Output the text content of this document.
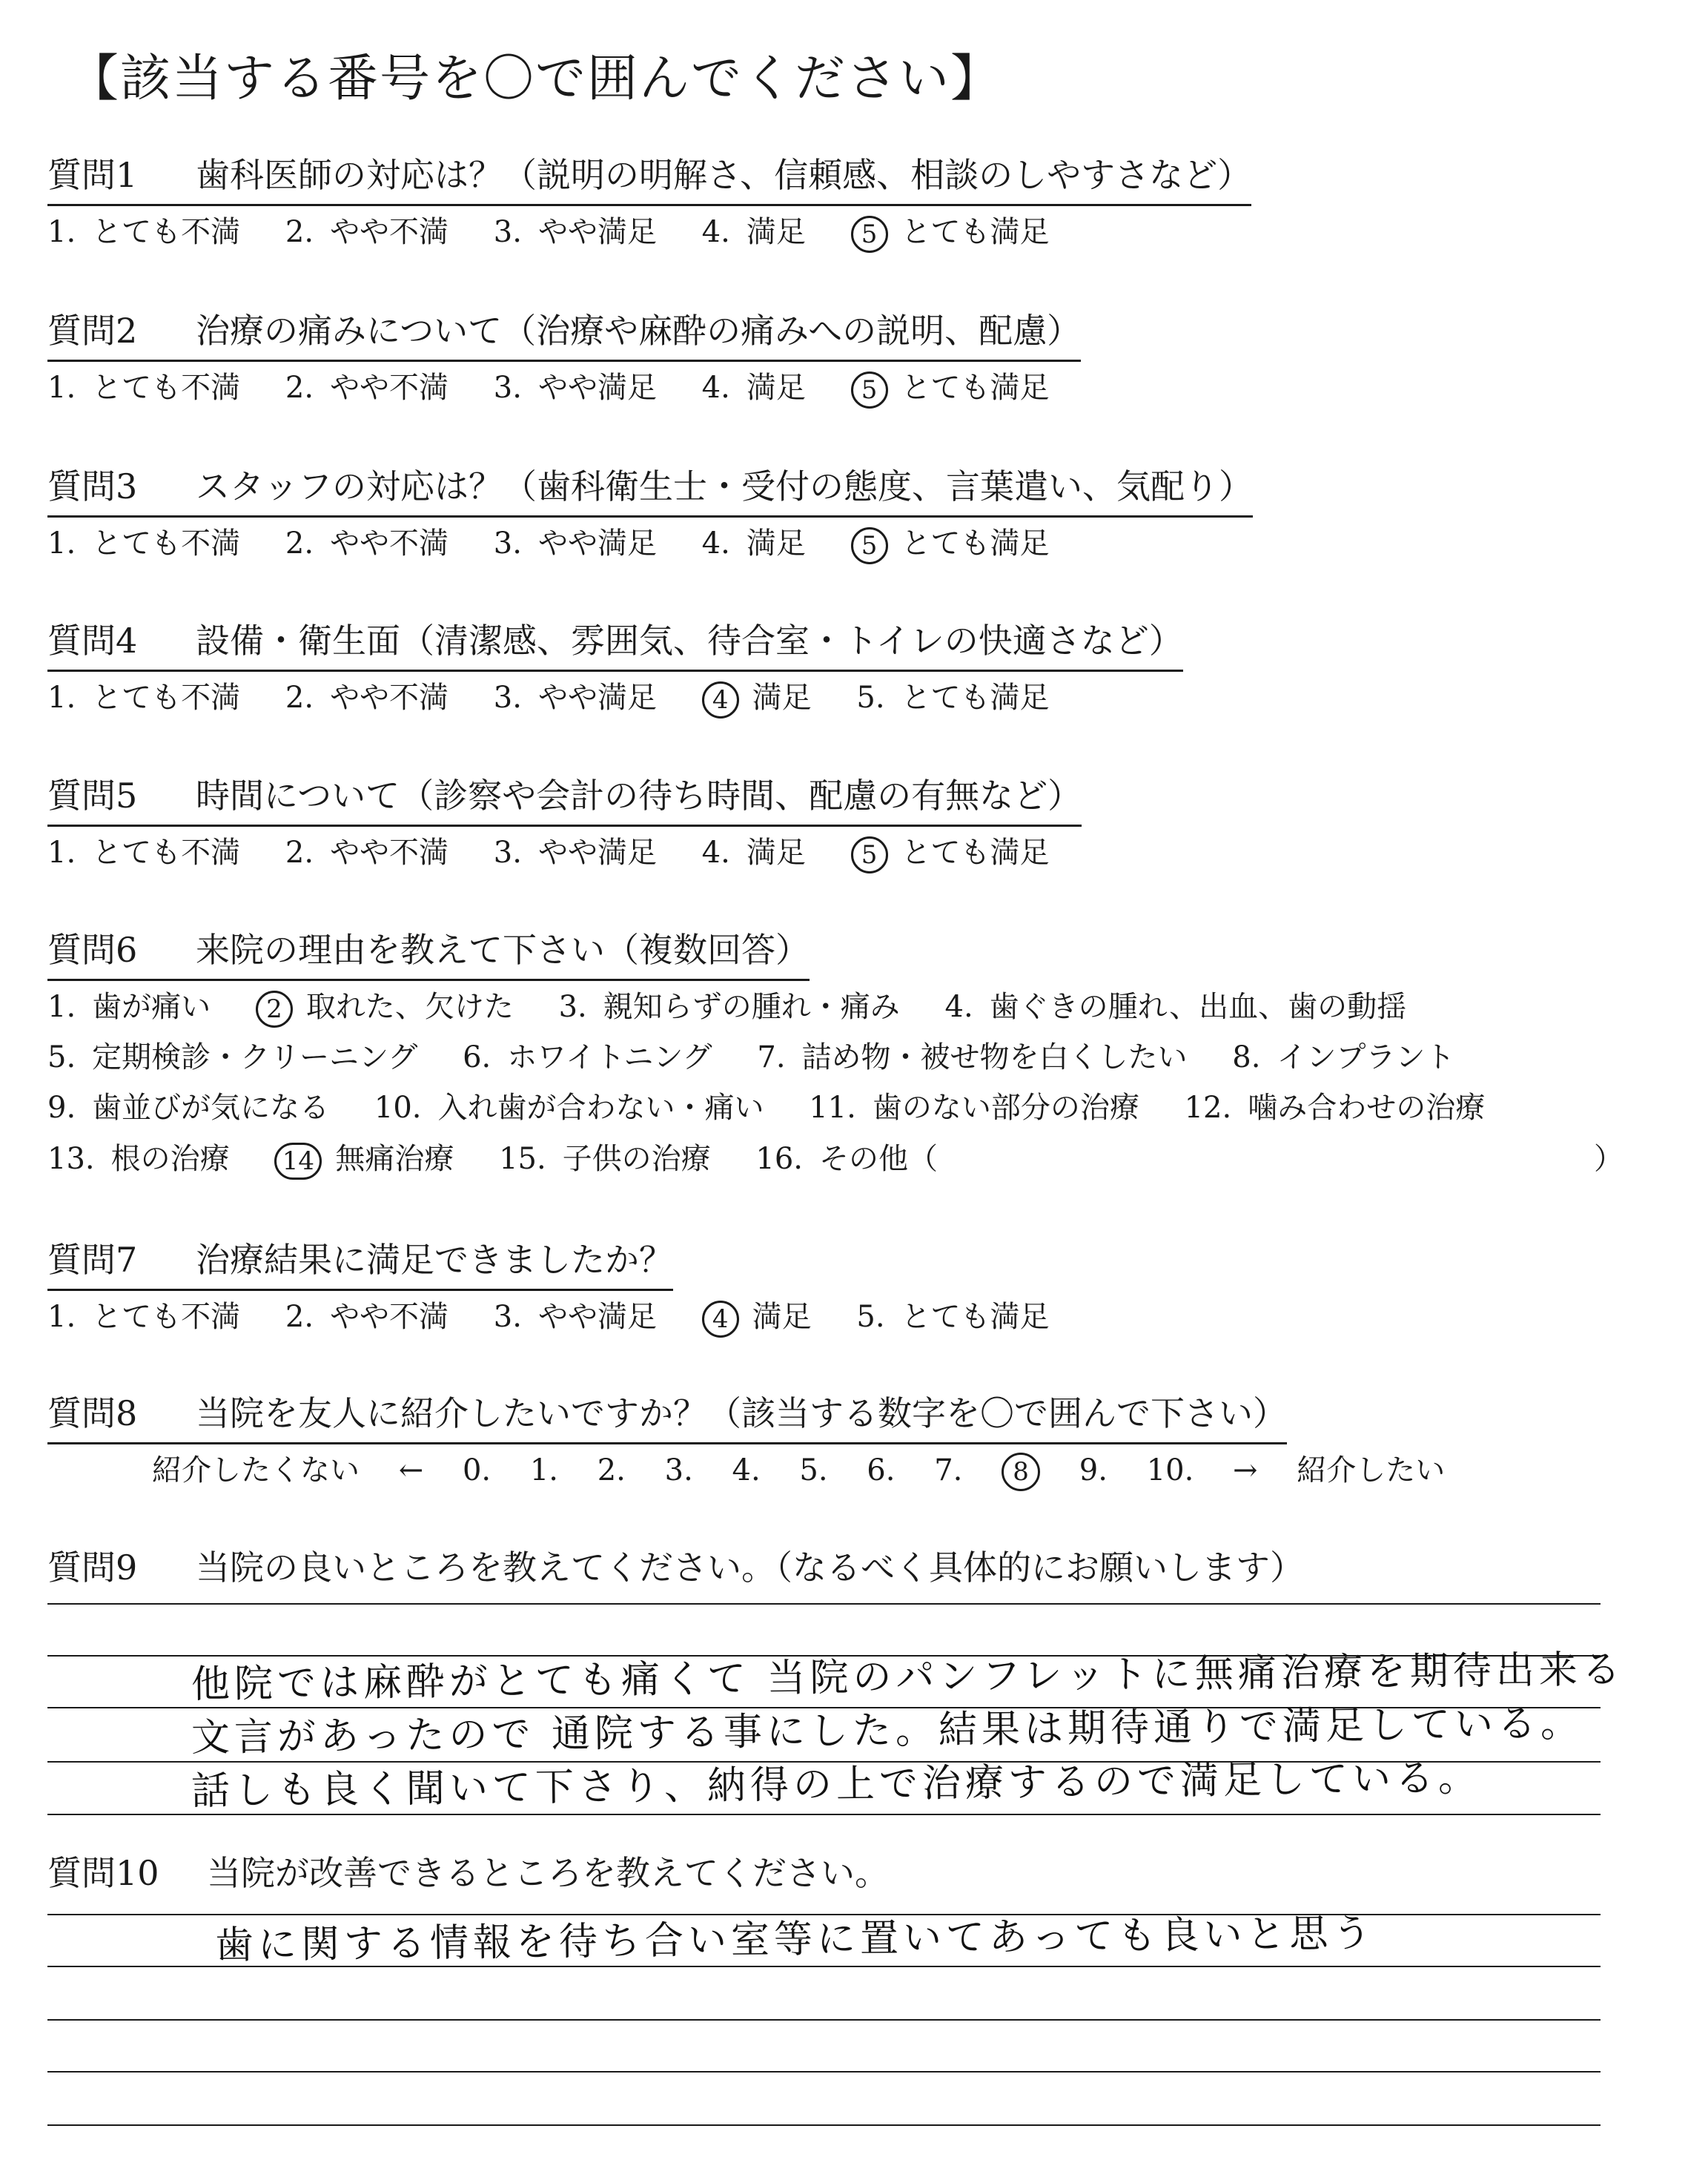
【該当する番号を〇で囲んでください】
質問1 歯科医師の対応は？（説明の明解さ、信頼感、相談のしやすさなど）
1. とても不満 2. やや不満 3. やや満足 4. 満足 5 とても満足
質問2 治療の痛みについて（治療や麻酔の痛みへの説明、配慮）
1. とても不満 2. やや不満 3. やや満足 4. 満足 5 とても満足
質問3 スタッフの対応は？（歯科衛生士・受付の態度、言葉遣い、気配り）
1. とても不満 2. やや不満 3. やや満足 4. 満足 5 とても満足
質問4 設備・衛生面（清潔感、雰囲気、待合室・トイレの快適さなど）
1. とても不満 2. やや不満 3. やや満足 4 満足 5. とても満足
質問5 時間について（診察や会計の待ち時間、配慮の有無など）
1. とても不満 2. やや不満 3. やや満足 4. 満足 5 とても満足
質問6 来院の理由を教えて下さい（複数回答）
1. 歯が痛い 2 取れた、欠けた 3. 親知らずの腫れ・痛み 4. 歯ぐきの腫れ、出血、歯の動揺
5. 定期検診・クリーニング 6. ホワイトニング 7. 詰め物・被せ物を白くしたい 8. インプラント
9. 歯並びが気になる 10. 入れ歯が合わない・痛い 11. 歯のない部分の治療 12. 噛み合わせの治療
13. 根の治療 14 無痛治療 15. 子供の治療 16. その他（	）
質問7 治療結果に満足できましたか？
1. とても不満 2. やや不満 3. やや満足 4 満足 5. とても満足
質問8 当院を友人に紹介したいですか？（該当する数字を〇で囲んで下さい）
紹介したくない ← 0. 1. 2. 3. 4. 5. 6. 7. 8 9. 10. → 紹介したい
質問9 当院の良いところを教えてください。（なるべく具体的にお願いします）
他院では麻酔がとても痛くて 当院のパンフレットに無痛治療を期待出来る
文言があったので 通院する事にした。結果は期待通りで満足している。
話しも良く聞いて下さり、納得の上で治療するので満足している。
質問10 当院が改善できるところを教えてください。
歯に関する情報を待ち合い室等に置いてあっても良いと思う
